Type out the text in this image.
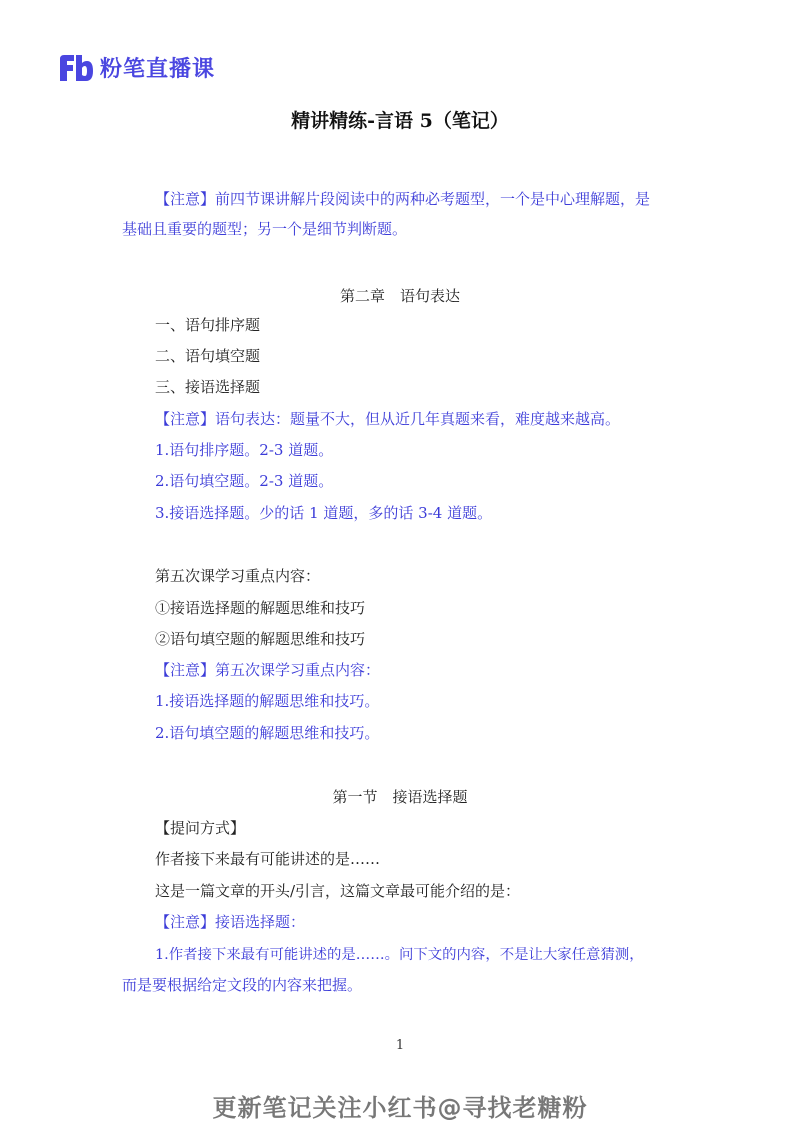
粉笔直播课
精讲精练-言语 5（笔记）
【注意】前四节课讲解片段阅读中的两种必考题型，一个是中心理解题，是
基础且重要的题型；另一个是细节判断题。
第二章　语句表达
一、语句排序题
二、语句填空题
三、接语选择题
【注意】语句表达：题量不大，但从近几年真题来看，难度越来越高。
1.语句排序题。2-3 道题。
2.语句填空题。2-3 道题。
3.接语选择题。少的话 1 道题，多的话 3-4 道题。
第五次课学习重点内容：
①接语选择题的解题思维和技巧
②语句填空题的解题思维和技巧
【注意】第五次课学习重点内容：
1.接语选择题的解题思维和技巧。
2.语句填空题的解题思维和技巧。
第一节　接语选择题
【提问方式】
作者接下来最有可能讲述的是……
这是一篇文章的开头/引言，这篇文章最可能介绍的是：
【注意】接语选择题：
1.作者接下来最有可能讲述的是……。问下文的内容，不是让大家任意猜测，
而是要根据给定文段的内容来把握。
1
更新笔记关注小红书@寻找老糖粉
